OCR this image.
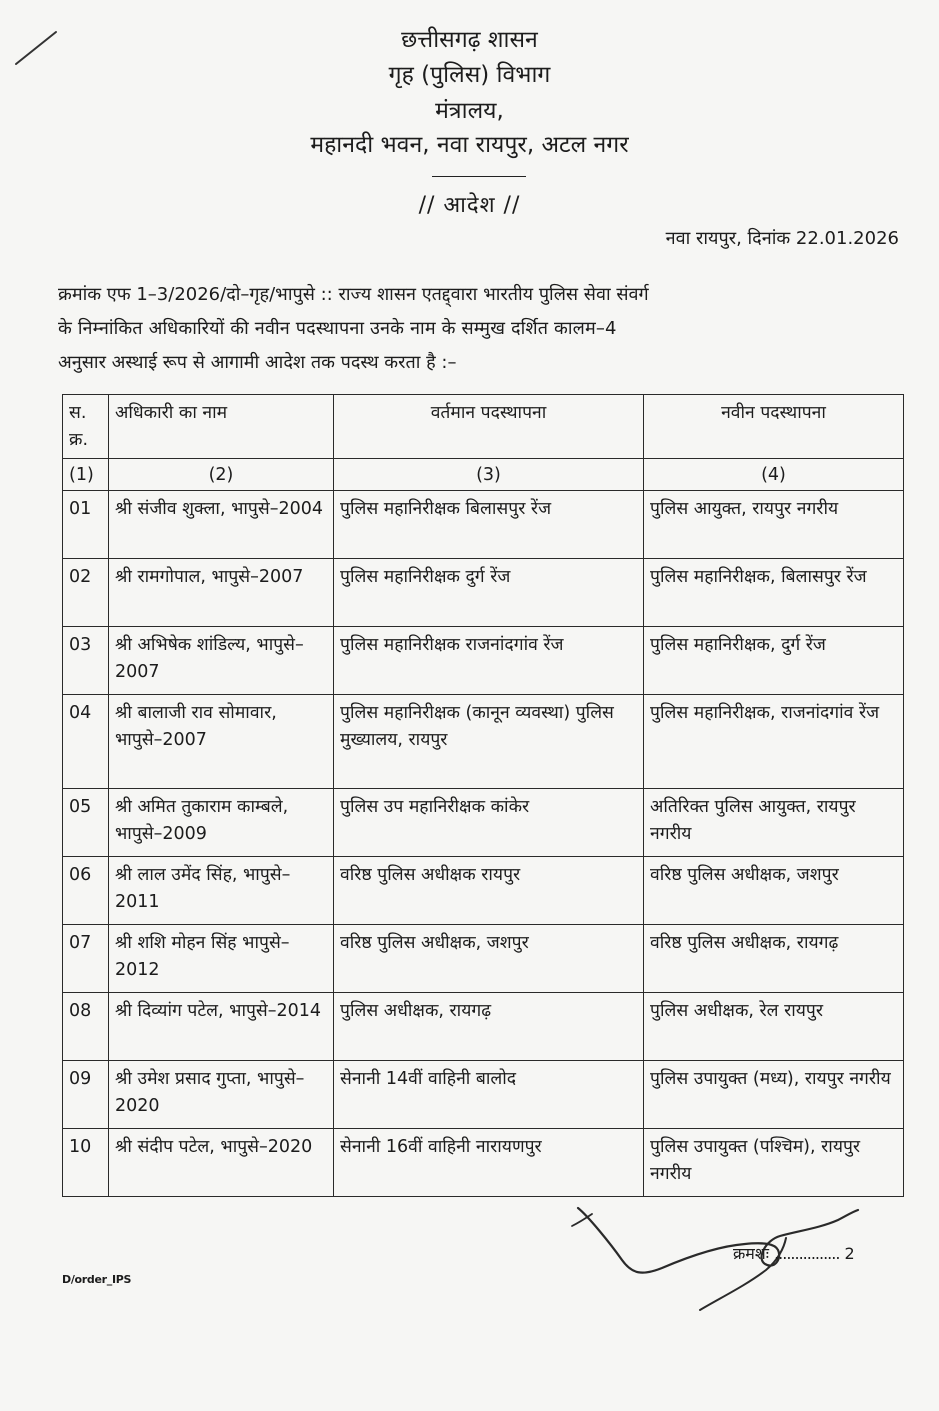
छत्तीसगढ़ शासन
गृह (पुलिस) विभाग
मंत्रालय,
महानदी भवन, नवा रायपुर, अटल नगर
// आदेश //
नवा रायपुर, दिनांक 22.01.2026
क्रमांक एफ 1–3/2026/दो–गृह/भापुसे :: राज्य शासन एतद्द्वारा भारतीय पुलिस सेवा संवर्ग
के निम्नांकित अधिकारियों की नवीन पदस्थापना उनके नाम के सम्मुख दर्शित कालम–4
अनुसार अस्थाई रूप से आगामी आदेश तक पदस्थ करता है :–
स. क्र.	अधिकारी का नाम	वर्तमान पदस्थापना	नवीन पदस्थापना
(1)	(2)	(3)	(4)
01	श्री संजीव शुक्ला, भापुसे–2004	पुलिस महानिरीक्षक बिलासपुर रेंज	पुलिस आयुक्त, रायपुर नगरीय
02	श्री रामगोपाल, भापुसे–2007	पुलिस महानिरीक्षक दुर्ग रेंज	पुलिस महानिरीक्षक, बिलासपुर रेंज
03	श्री अभिषेक शांडिल्य, भापुसे–2007	पुलिस महानिरीक्षक राजनांदगांव रेंज	पुलिस महानिरीक्षक, दुर्ग रेंज
04	श्री बालाजी राव सोमावार, भापुसे–2007	पुलिस महानिरीक्षक (कानून व्यवस्था) पुलिस मुख्यालय, रायपुर	पुलिस महानिरीक्षक, राजनांदगांव रेंज
05	श्री अमित तुकाराम काम्बले, भापुसे–2009	पुलिस उप महानिरीक्षक कांकेर	अतिरिक्त पुलिस आयुक्त, रायपुर नगरीय
06	श्री लाल उमेंद सिंह, भापुसे–2011	वरिष्ठ पुलिस अधीक्षक रायपुर	वरिष्ठ पुलिस अधीक्षक, जशपुर
07	श्री शशि मोहन सिंह भापुसे– 2012	वरिष्ठ पुलिस अधीक्षक, जशपुर	वरिष्ठ पुलिस अधीक्षक, रायगढ़
08	श्री दिव्यांग पटेल, भापुसे–2014	पुलिस अधीक्षक, रायगढ़	पुलिस अधीक्षक, रेल रायपुर
09	श्री उमेश प्रसाद गुप्ता, भापुसे–2020	सेनानी 14वीं वाहिनी बालोद	पुलिस उपायुक्त (मध्य), रायपुर नगरीय
10	श्री संदीप पटेल, भापुसे–2020	सेनानी 16वीं वाहिनी नारायणपुर	पुलिस उपायुक्त (पश्चिम), रायपुर नगरीय
क्रमशः ................ 2
D/order_IPS
